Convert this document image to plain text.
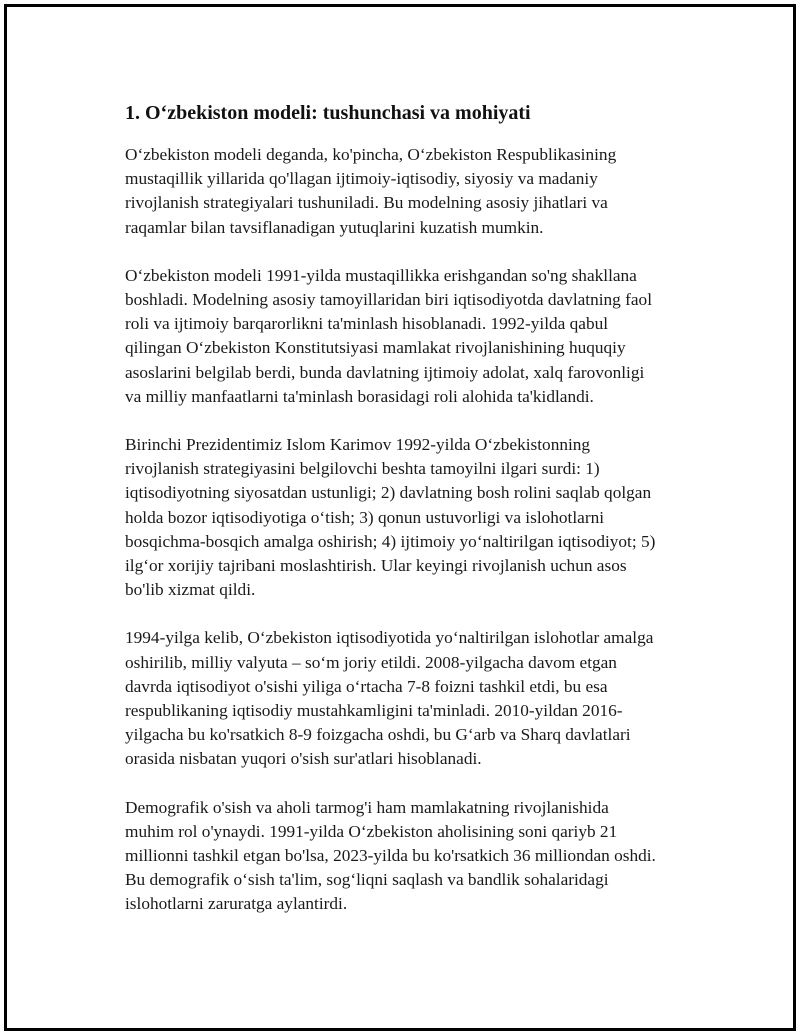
1. O‘zbekiston modeli: tushunchasi va mohiyati
O‘zbekiston modeli deganda, ko'pincha, O‘zbekiston Respublikasining
mustaqillik yillarida qo'llagan ijtimoiy-iqtisodiy, siyosiy va madaniy
rivojlanish strategiyalari tushuniladi. Bu modelning asosiy jihatlari va
raqamlar bilan tavsiflanadigan yutuqlarini kuzatish mumkin.
O‘zbekiston modeli 1991-yilda mustaqillikka erishgandan so'ng shakllana
boshladi. Modelning asosiy tamoyillaridan biri iqtisodiyotda davlatning faol
roli va ijtimoiy barqarorlikni ta'minlash hisoblanadi. 1992-yilda qabul
qilingan O‘zbekiston Konstitutsiyasi mamlakat rivojlanishining huquqiy
asoslarini belgilab berdi, bunda davlatning ijtimoiy adolat, xalq farovonligi
va milliy manfaatlarni ta'minlash borasidagi roli alohida ta'kidlandi.
Birinchi Prezidentimiz Islom Karimov 1992-yilda O‘zbekistonning
rivojlanish strategiyasini belgilovchi beshta tamoyilni ilgari surdi: 1)
iqtisodiyotning siyosatdan ustunligi; 2) davlatning bosh rolini saqlab qolgan
holda bozor iqtisodiyotiga o‘tish; 3) qonun ustuvorligi va islohotlarni
bosqichma-bosqich amalga oshirish; 4) ijtimoiy yo‘naltirilgan iqtisodiyot; 5)
ilg‘or xorijiy tajribani moslashtirish. Ular keyingi rivojlanish uchun asos
bo'lib xizmat qildi.
1994-yilga kelib, O‘zbekiston iqtisodiyotida yo‘naltirilgan islohotlar amalga
oshirilib, milliy valyuta – so‘m joriy etildi. 2008-yilgacha davom etgan
davrda iqtisodiyot o'sishi yiliga o‘rtacha 7-8 foizni tashkil etdi, bu esa
respublikaning iqtisodiy mustahkamligini ta'minladi. 2010-yildan 2016-
yilgacha bu ko'rsatkich 8-9 foizgacha oshdi, bu G‘arb va Sharq davlatlari
orasida nisbatan yuqori o'sish sur'atlari hisoblanadi.
Demografik o'sish va aholi tarmog'i ham mamlakatning rivojlanishida
muhim rol o'ynaydi. 1991-yilda O‘zbekiston aholisining soni qariyb 21
millionni tashkil etgan bo'lsa, 2023-yilda bu ko'rsatkich 36 milliondan oshdi.
Bu demografik o‘sish ta'lim, sog‘liqni saqlash va bandlik sohalaridagi
islohotlarni zaruratga aylantirdi.
